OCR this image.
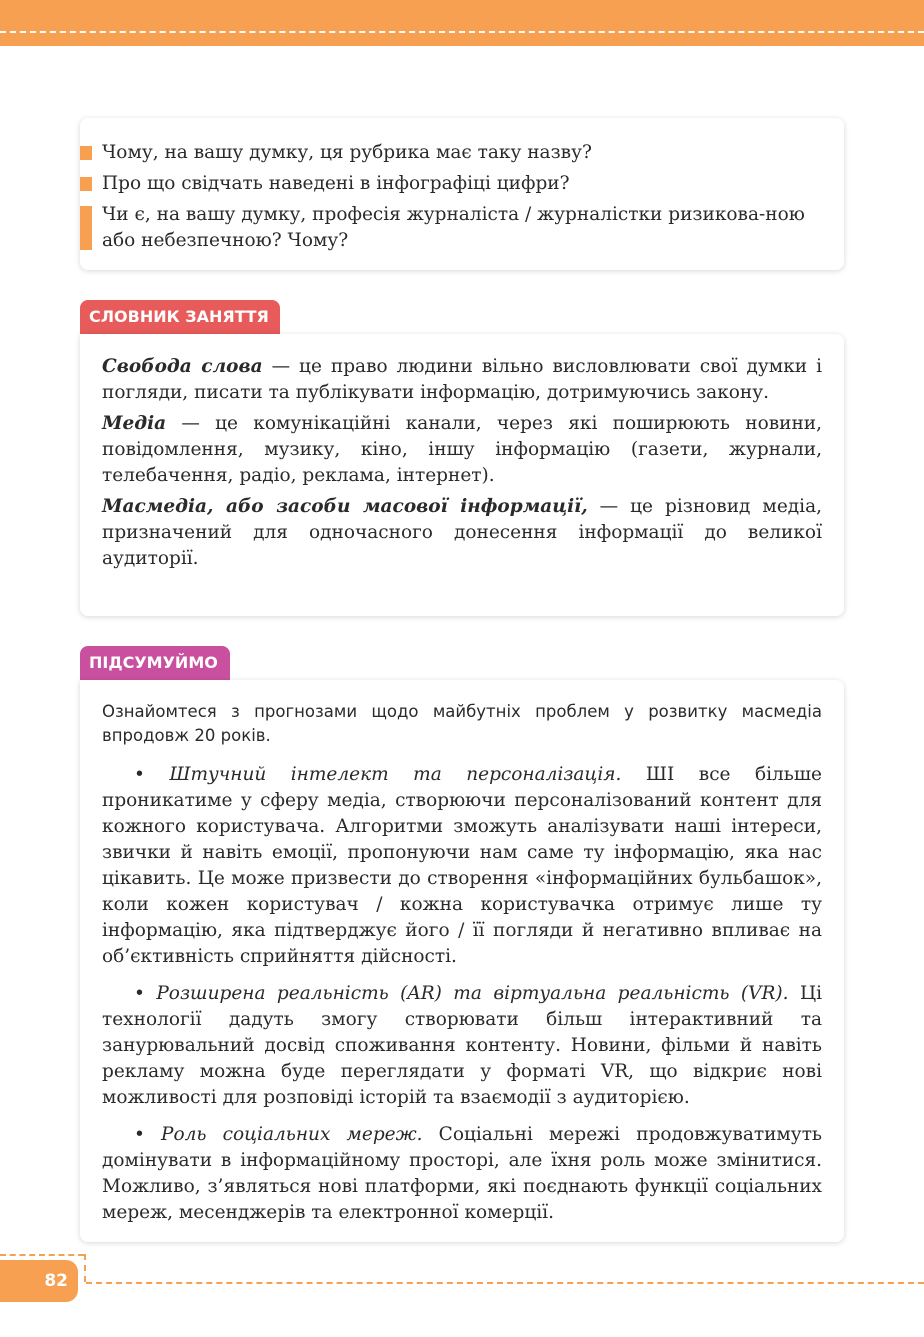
Чому, на вашу думку, ця рубрика має таку назву?
Про що свідчать наведені в інфографіці цифри?
Чи є, на вашу думку, професія журналіста / журналістки ризикова-ною або небезпечною? Чому?
СЛОВНИК ЗАНЯТТЯ

Свобода слова — це право людини вільно висловлювати свої думки і погляди, писати та публікувати інформацію, дотримуючись закону.

Медіа — це комунікаційні канали, через які поширюють новини, повідомлення, музику, кіно, іншу інформацію (газети, журнали, телебачення, радіо, реклама, інтернет).

Масмедіа, або засоби масової інформації, — це різновид медіа, призначений для одночасного донесення інформації до великої аудиторії.

ПІДСУМУЙМО

Ознайомтеся з прогнозами щодо майбутніх проблем у розвитку масмедіа впродовж 20 років.

• Штучний інтелект та персоналізація. ШІ все більше проникатиме у сферу медіа, створюючи персоналізований контент для кожного користувача. Алгоритми зможуть аналізувати наші інтереси, звички й навіть емоції, пропонуючи нам саме ту інформацію, яка нас цікавить. Це може призвести до створення «інформаційних бульбашок», коли кожен користувач / кожна користувачка отримує лише ту інформацію, яка підтверджує його / її погляди й негативно впливає на об’єктивність сприйняття дійсності.

• Розширена реальність (AR) та віртуальна реальність (VR). Ці технології дадуть змогу створювати більш інтерактивний та занурювальний досвід споживання контенту. Новини, фільми й навіть рекламу можна буде переглядати у форматі VR, що відкриє нові можливості для розповіді історій та взаємодії з аудиторією.

• Роль соціальних мереж. Соціальні мережі продовжуватимуть домінувати в інформаційному просторі, але їхня роль може змінитися. Можливо, з’являться нові платформи, які поєднають функції соціальних мереж, месенджерів та електронної комерції.

82
